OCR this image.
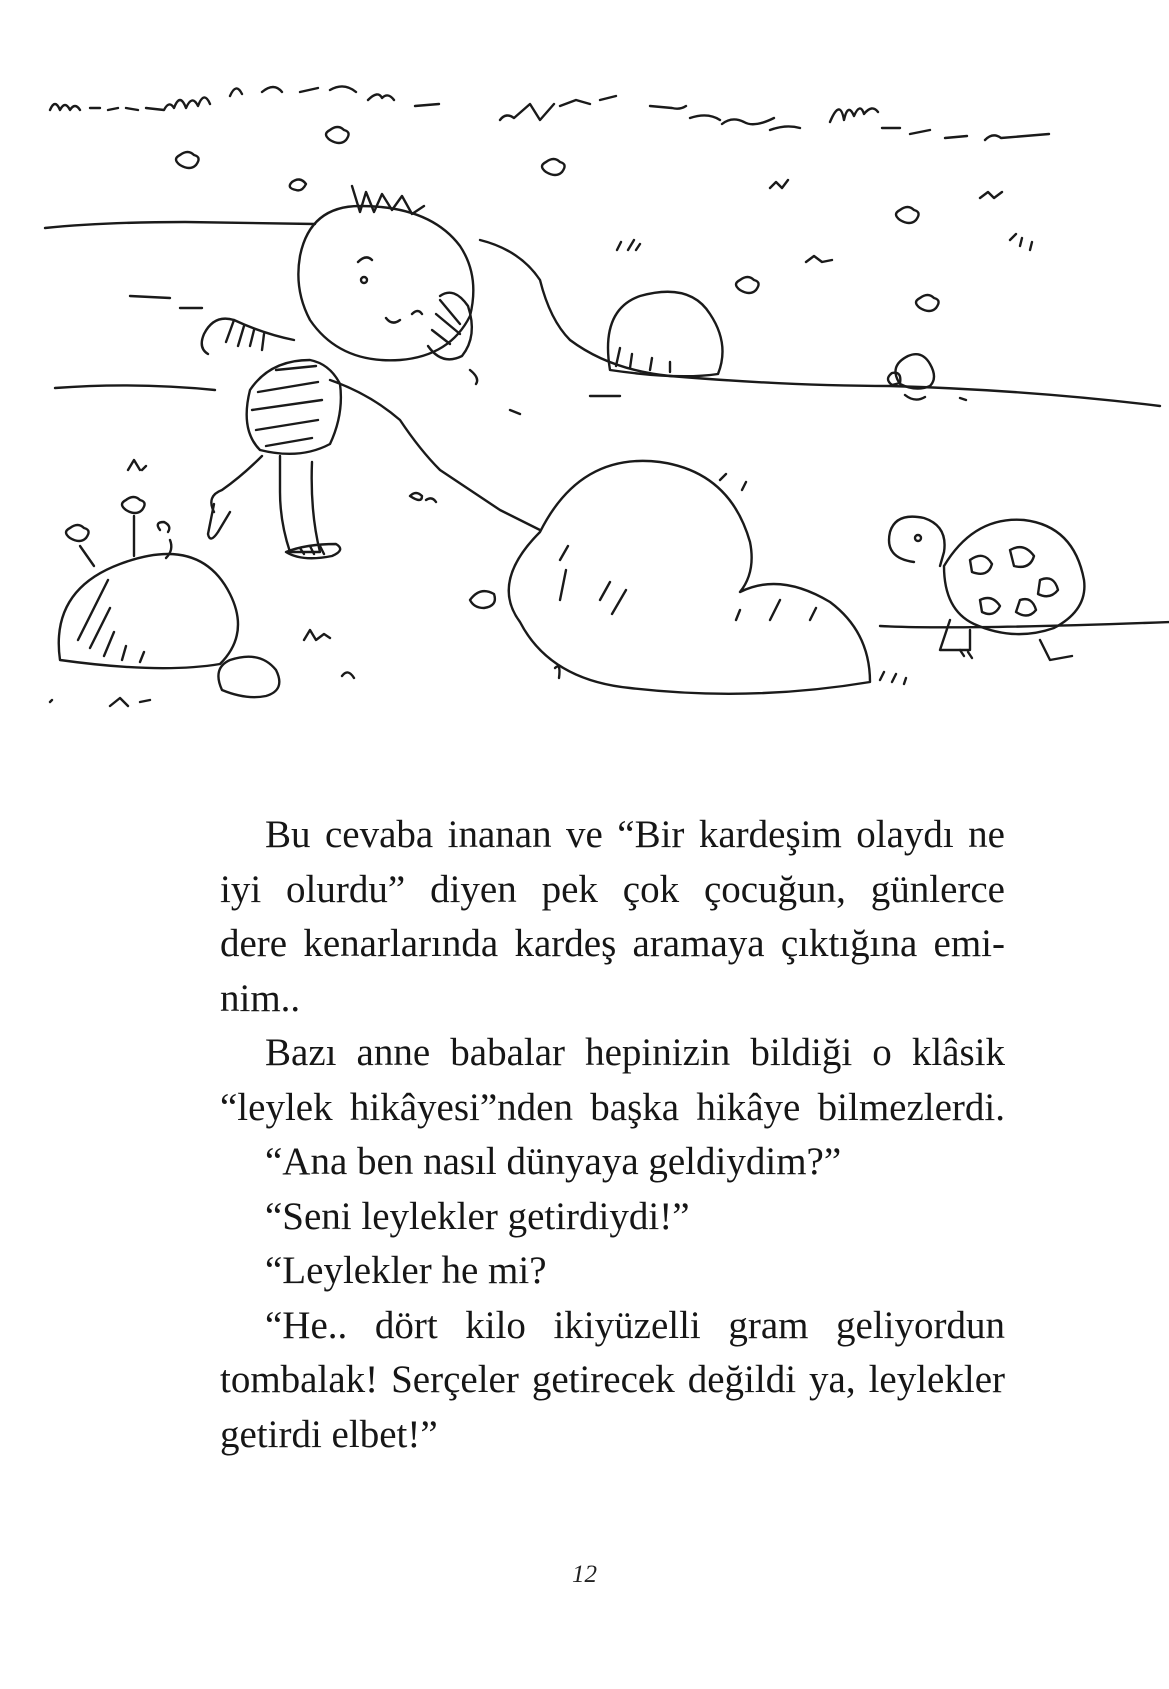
Bu cevaba inanan ve “Bir kardeşim olaydı ne
iyi olurdu” diyen pek çok çocuğun, günlerce
dere kenarlarında kardeş aramaya çıktığına emi-
nim..

Bazı anne babalar hepinizin bildiği o klâsik
“leylek hikâyesi”nden başka hikâye bilmezlerdi.

“Ana ben nasıl dünyaya geldiydim?”

“Seni leylekler getirdiydi!”

“Leylekler he mi?

“He.. dört kilo ikiyüzelli gram geliyordun
tombalak! Serçeler getirecek değildi ya, leylekler
getirdi elbet!”

12
